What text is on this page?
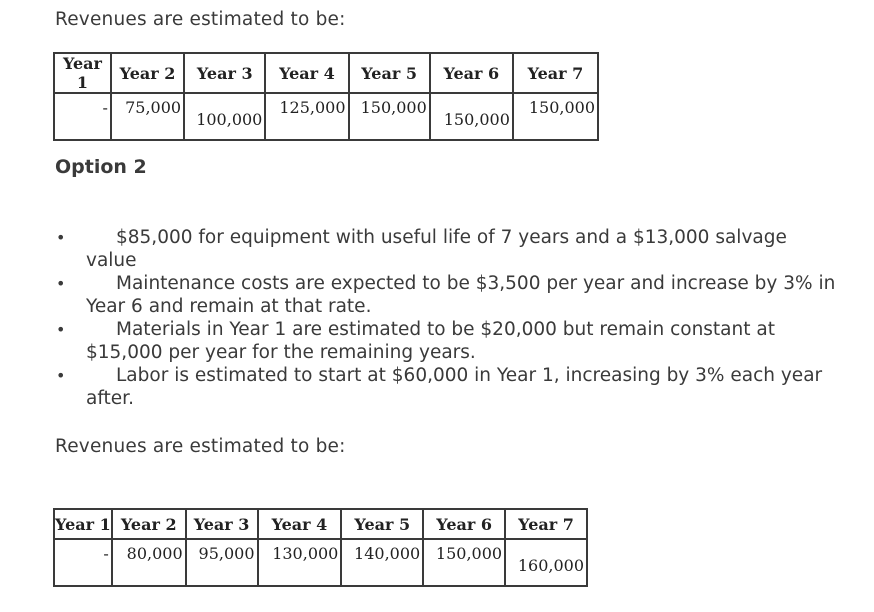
Revenues are estimated to be:
Year 1	Year 2	Year 3	Year 4	Year 5	Year 6	Year 7

-	75,000	100,000	125,000	150,000	150,000	150,000
Option 2
•	$85,000 for equipment with useful life of 7 years and a $13,000 salvage value
•	Maintenance costs are expected to be $3,500 per year and increase by 3% in Year 6 and remain at that rate.
•	Materials in Year 1 are estimated to be $20,000 but remain constant at $15,000 per year for the remaining years.
•	Labor is estimated to start at $60,000 in Year 1, increasing by 3% each year after.
Revenues are estimated to be:
Year 1	Year 2	Year 3	Year 4	Year 5	Year 6	Year 7

-	80,000	95,000	130,000	140,000	150,000	160,000
